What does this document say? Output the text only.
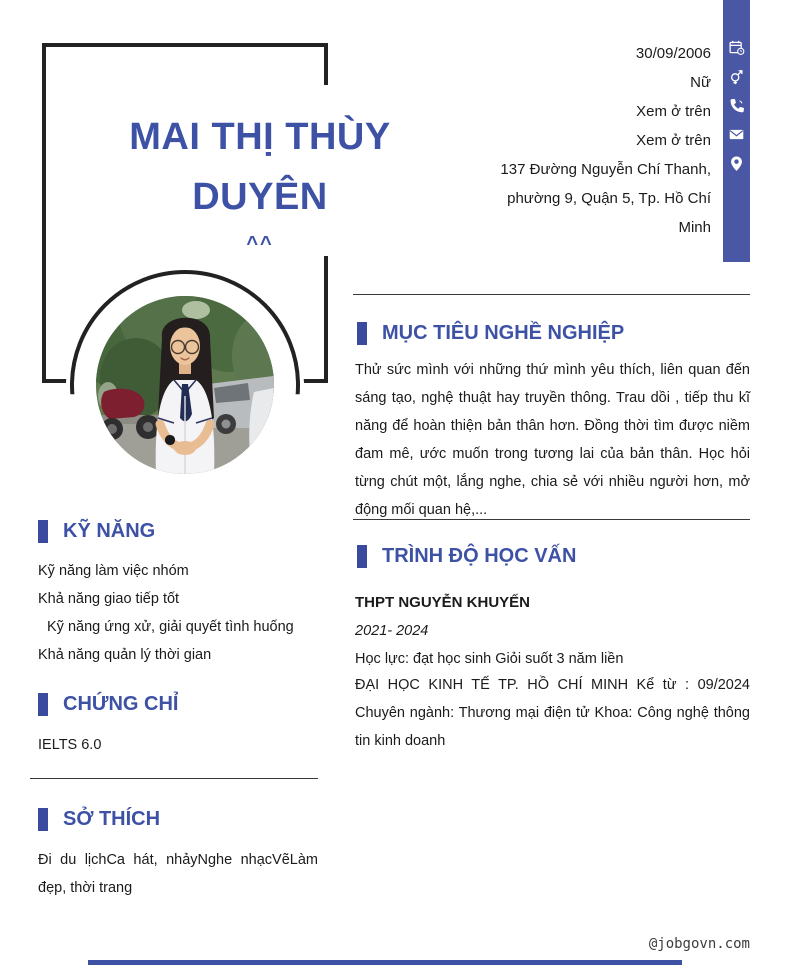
30/09/2006
Nữ
Xem ở trên
Xem ở trên
137 Đường Nguyễn Chí Thanh, phường 9, Quận 5, Tp. Hồ Chí Minh
MAI THỊ THÙY DUYÊN
^^
KỸ NĂNG
Kỹ năng làm việc nhóm
Khả năng giao tiếp tốt
Kỹ năng ứng xử, giải quyết tình huống
Khả năng quản lý thời gian
CHỨNG CHỈ
IELTS 6.0
SỞ THÍCH
Đi du lịchCa hát, nhảyNghe nhạcVẽLàm đẹp, thời trang
MỤC TIÊU NGHỀ NGHIỆP
Thử sức mình với những thứ mình yêu thích, liên quan đến sáng tạo, nghệ thuật hay truyền thông. Trau dồi , tiếp thu kĩ năng để hoàn thiện bản thân hơn. Đồng thời tìm được niềm đam mê, ước muốn trong tương lai của bản thân. Học hỏi từng chút một, lắng nghe, chia sẻ với nhiều người hơn, mở động mối quan hệ,...
TRÌNH ĐỘ HỌC VẤN
THPT NGUYỄN KHUYẾN
2021- 2024
Học lực: đạt học sinh Giỏi suốt 3 năm liền
ĐẠI HỌC KINH TẾ TP. HỒ CHÍ MINH Kể từ : 09/2024 Chuyên ngành: Thương mại điện tử Khoa: Công nghệ thông tin kinh doanh
@jobgovn.com
